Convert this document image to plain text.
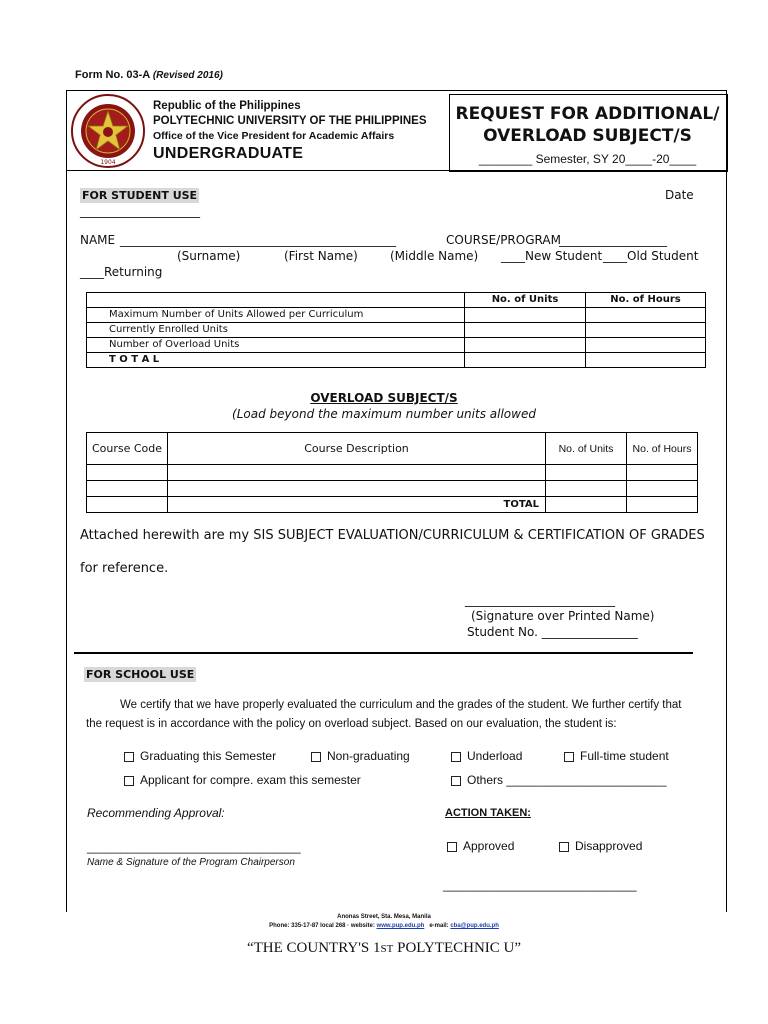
Form No. 03-A (Revised 2016)
1904
Republic of the Philippines
POLYTECHNIC UNIVERSITY OF THE PHILIPPINES
Office of the Vice President for Academic Affairs
UNDERGRADUATE
REQUEST FOR ADDITIONAL/
OVERLOAD SUBJECT/S
________ Semester, SY 20____-20____
FOR STUDENT USE	Date
____________________
NAME ______________________________________________	COURSE/PROGRAM
__________________
(Surname)	(First Name)	(Middle Name) ____New Student ____Old Student
____Returning
	No. of Units	No. of Hours
Maximum Number of Units Allowed per Curriculum		
Currently Enrolled Units		
Number of Overload Units		
T O T A L		
OVERLOAD SUBJECT/S
(Load beyond the maximum number units allowed
Course Code	Course Description	No. of Units	No. of Hours

	TOTAL		
Attached herewith are my SIS SUBJECT EVALUATION/CURRICULUM & CERTIFICATION OF GRADES
for reference.
_________________________
(Signature over Printed Name)
Student No. ________________
FOR SCHOOL USE
We certify that we have properly evaluated the curriculum and the grades of the student. We further certify that
the request is in accordance with the policy on overload subject. Based on our evaluation, the student is:
Graduating this Semester	Non-graduating	Underload	Full-time student
Applicant for compre. exam this semester	Others ________________________
Recommending Approval:	ACTION TAKEN:
Approved	Disapproved
________________________________
Name & Signature of the Program Chairperson
_____________________________
Anonas Street, Sta. Mesa, Manila
Phone: 335-17-87 local 268 · website: www.pup.edu.ph e-mail: cba@pup.edu.ph
“THE COUNTRY'S 1st POLYTECHNIC U”
